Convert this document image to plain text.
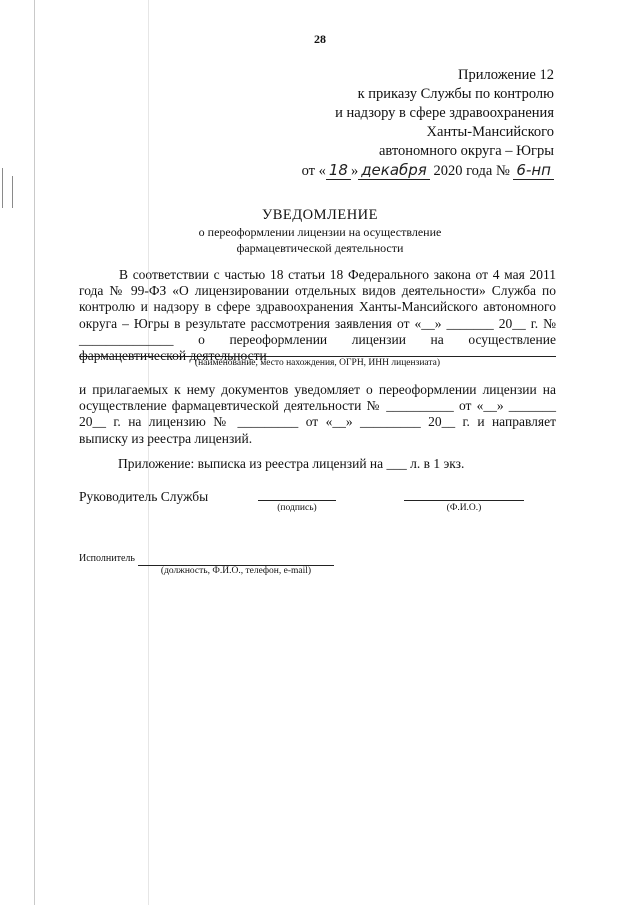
28
Приложение 12
к приказу Службы по контролю
и надзору в сфере здравоохранения
Ханты-Мансийского
автономного округа – Югры
от « 18 » декабря 2020 года № 6-нп
УВЕДОМЛЕНИЕ
о переоформлении лицензии на осуществление
фармацевтической деятельности
В соответствии с частью 18 статьи 18 Федерального закона от 4 мая 2011 года № 99-ФЗ «О лицензировании отдельных видов деятельности» Служба по контролю и надзору в сфере здравоохранения Ханты-Мансийского автономного округа – Югры в результате рассмотрения заявления от «__» _______ 20__ г. № ______________ о переоформлении лицензии на осуществление фармацевтической деятельности
(наименование, место нахождения, ОГРН, ИНН лицензиата)
и прилагаемых к нему документов уведомляет о переоформлении лицензии на осуществление фармацевтической деятельности № __________ от «__» _______ 20__ г. на лицензию № _________ от «__» _________ 20__ г. и направляет выписку из реестра лицензий.
Приложение: выписка из реестра лицензий на ___ л. в 1 экз.
Руководитель Службы
(подпись)	(Ф.И.О.)
Исполнитель
(должность, Ф.И.О., телефон, e-mail)
